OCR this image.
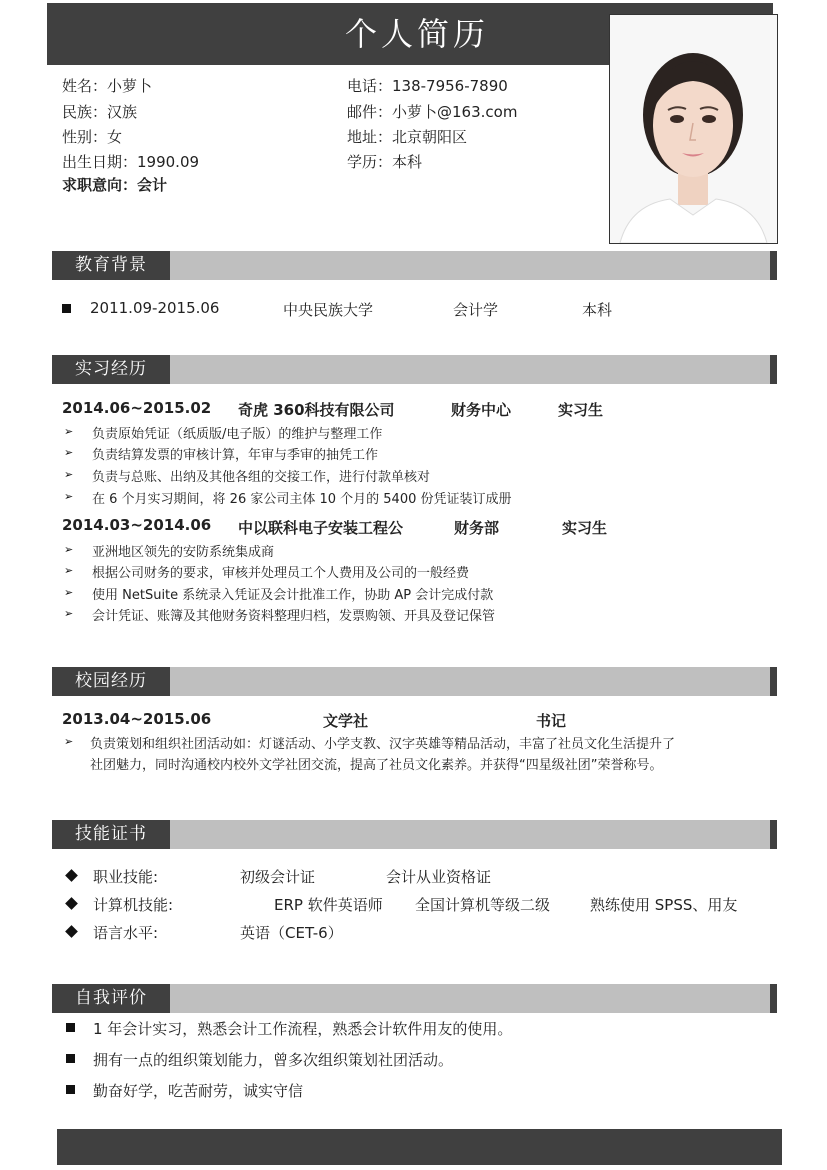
个人简历
姓名：小萝卜
民族：汉族
性别：女
出生日期：1990.09
求职意向：会计
电话：138-7956-7890
邮件：小萝卜@163.com
地址：北京朝阳区
学历：本科
教育背景
2011.09-2015.06	中央民族大学	会计学	本科
实习经历
2014.06~2015.02 奇虎 360科技有限公司	财务中心	实习生
➢ 负责原始凭证（纸质版/电子版）的维护与整理工作
➢ 负责结算发票的审核计算，年审与季审的抽凭工作
➢ 负责与总账、出纳及其他各组的交接工作，进行付款单核对
➢ 在 6 个月实习期间，将 26 家公司主体 10 个月的 5400 份凭证装订成册
2014.03~2014.06 中以联科电子安装工程公	财务部	实习生
➢ 亚洲地区领先的安防系统集成商
➢ 根据公司财务的要求，审核并处理员工个人费用及公司的一般经费
➢ 使用 NetSuite 系统录入凭证及会计批准工作，协助 AP 会计完成付款
➢ 会计凭证、账簿及其他财务资料整理归档，发票购领、开具及登记保管
校园经历
2013.04~2015.06	文学社	书记
➢ 负责策划和组织社团活动如：灯谜活动、小学支教、汉字英雄等精品活动，丰富了社员文化生活提升了
社团魅力，同时沟通校内校外文学社团交流，提高了社员文化素养。并获得“四星级社团”荣誉称号。
技能证书
职业技能:	初级会计证	会计从业资格证
计算机技能:	ERP 软件英语师 全国计算机等级二级	熟练使用 SPSS、用友
语言水平:	英语（CET-6）
自我评价
1 年会计实习，熟悉会计工作流程，熟悉会计软件用友的使用。
拥有一点的组织策划能力，曾多次组织策划社团活动。
勤奋好学，吃苦耐劳，诚实守信
